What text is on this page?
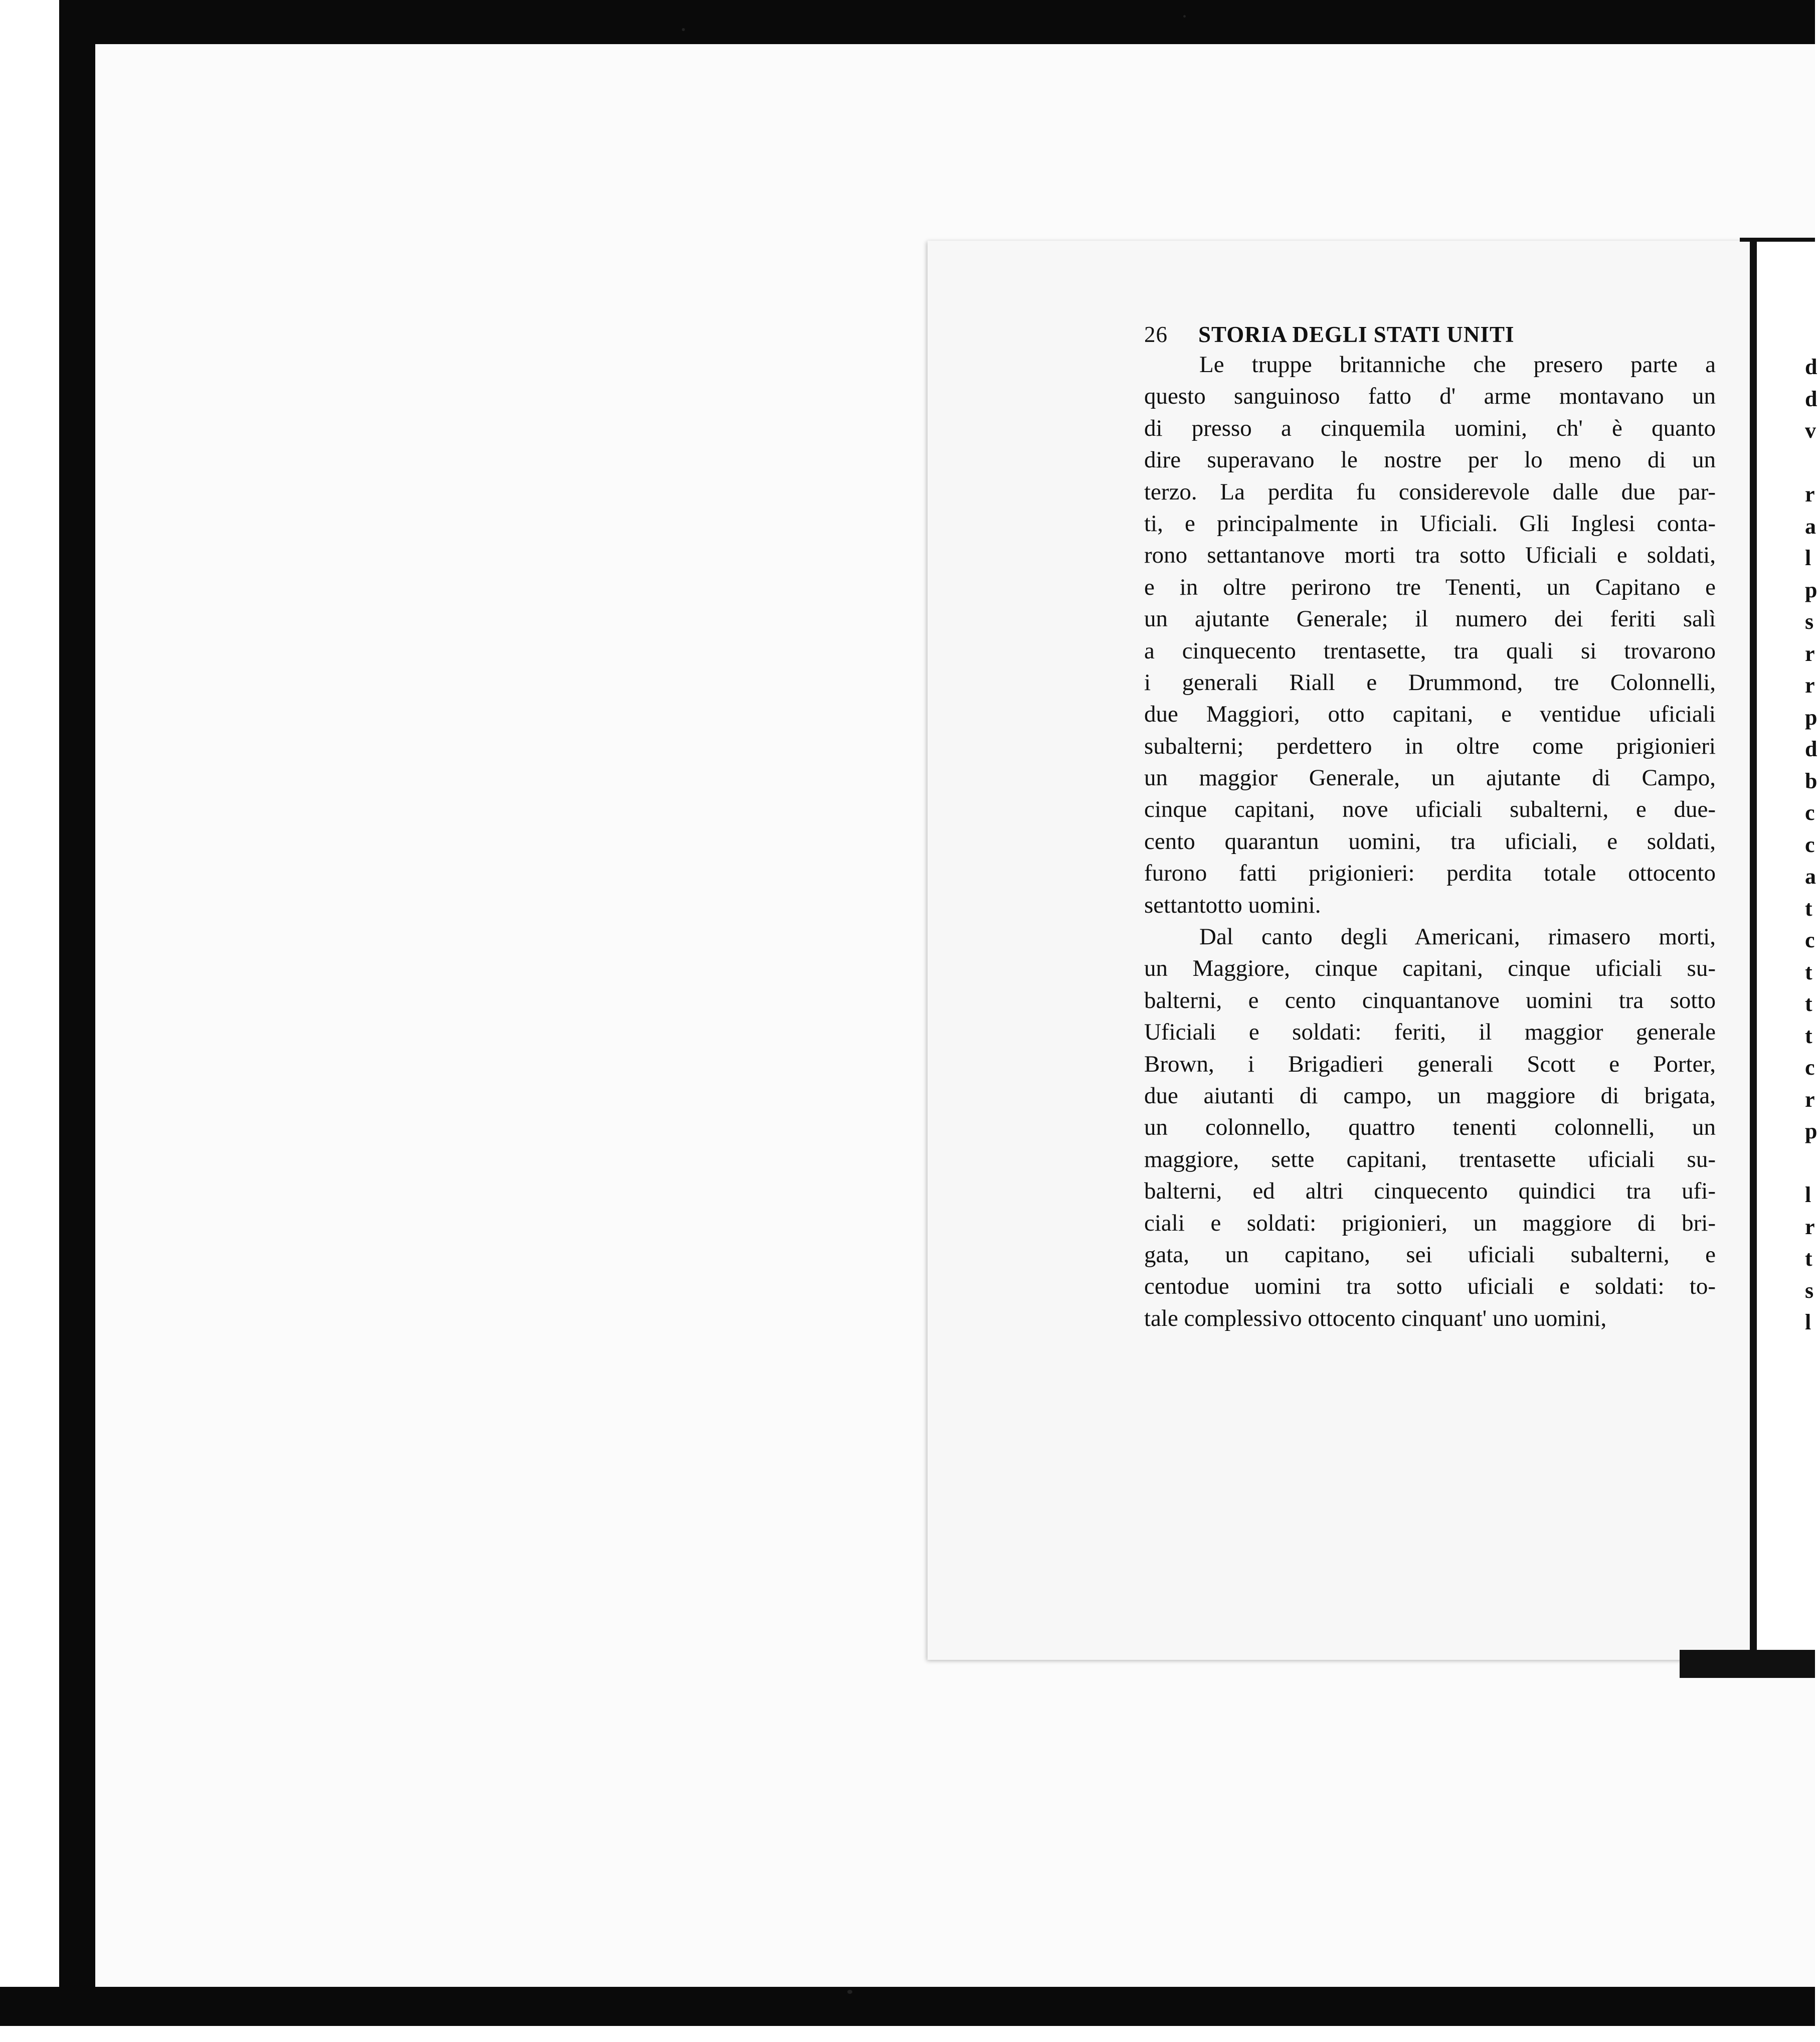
d
d
v
r
a
l
p
s
r
r
p
d
b
c
c
a
t
c
t
t
t
c
r
p
l
r
t
s
l
26 STORIA DEGLI STATI UNITI
Le truppe britanniche che presero parte a
questo sanguinoso fatto d' arme montavano un
di presso a cinquemila uomini, ch' è quanto
dire superavano le nostre per lo meno di un
terzo. La perdita fu considerevole dalle due par-
ti, e principalmente in Uficiali. Gli Inglesi conta-
rono settantanove morti tra sotto Uficiali e soldati,
e in oltre perirono tre Tenenti, un Capitano e
un ajutante Generale; il numero dei feriti salì
a cinquecento trentasette, tra quali si trovarono
i generali Riall e Drummond, tre Colonnelli,
due Maggiori, otto capitani, e ventidue uficiali
subalterni; perdettero in oltre come prigionieri
un maggior Generale, un ajutante di Campo,
cinque capitani, nove uficiali subalterni, e due-
cento quarantun uomini, tra uficiali, e soldati,
furono fatti prigionieri: perdita totale ottocento
settantotto uomini.
Dal canto degli Americani, rimasero morti,
un Maggiore, cinque capitani, cinque uficiali su-
balterni, e cento cinquantanove uomini tra sotto
Uficiali e soldati: feriti, il maggior generale
Brown, i Brigadieri generali Scott e Porter,
due aiutanti di campo, un maggiore di brigata,
un colonnello, quattro tenenti colonnelli, un
maggiore, sette capitani, trentasette uficiali su-
balterni, ed altri cinquecento quindici tra ufi-
ciali e soldati: prigionieri, un maggiore di bri-
gata, un capitano, sei uficiali subalterni, e
centodue uomini tra sotto uficiali e soldati: to-
tale complessivo ottocento cinquant' uno uomini,
